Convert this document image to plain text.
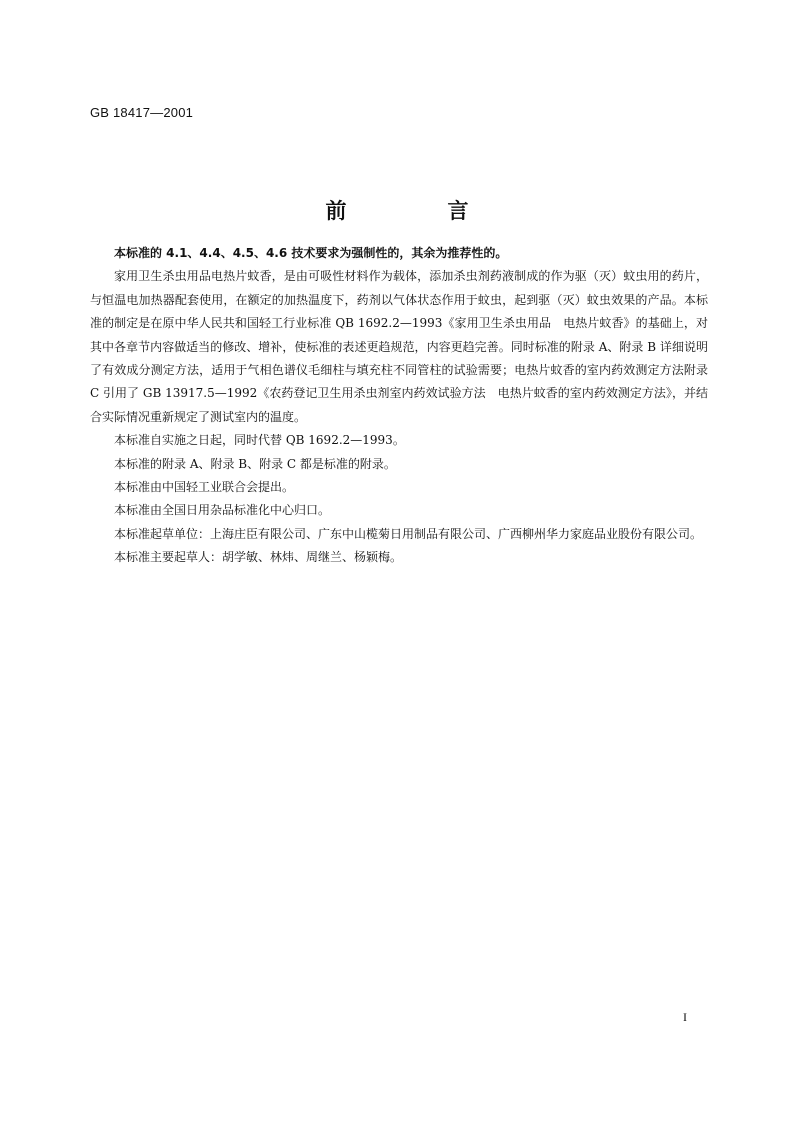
GB 18417—2001
前　言

本标准的 4.1、4.4、4.5、4.6 技术要求为强制性的，其余为推荐性的。

家用卫生杀虫用品电热片蚊香，是由可吸性材料作为载体，添加杀虫剂药液制成的作为驱（灭）蚊虫用的药片，与恒温电加热器配套使用，在额定的加热温度下，药剂以气体状态作用于蚊虫，起到驱（灭）蚊虫效果的产品。本标准的制定是在原中华人民共和国轻工行业标准 QB 1692.2—1993《家用卫生杀虫用品　电热片蚊香》的基础上，对其中各章节内容做适当的修改、增补，使标准的表述更趋规范，内容更趋完善。同时标准的附录 A、附录 B 详细说明了有效成分测定方法，适用于气相色谱仪毛细柱与填充柱不同管柱的试验需要；电热片蚊香的室内药效测定方法附录 C 引用了 GB 13917.5—1992《农药登记卫生用杀虫剂室内药效试验方法　电热片蚊香的室内药效测定方法》，并结合实际情况重新规定了测试室内的温度。

本标准自实施之日起，同时代替 QB 1692.2—1993。

本标准的附录 A、附录 B、附录 C 都是标准的附录。

本标准由中国轻工业联合会提出。

本标准由全国日用杂品标准化中心归口。

本标准起草单位：上海庄臣有限公司、广东中山榄菊日用制品有限公司、广西柳州华力家庭品业股份有限公司。

本标准主要起草人：胡学敏、林炜、周继兰、杨颖梅。

I
